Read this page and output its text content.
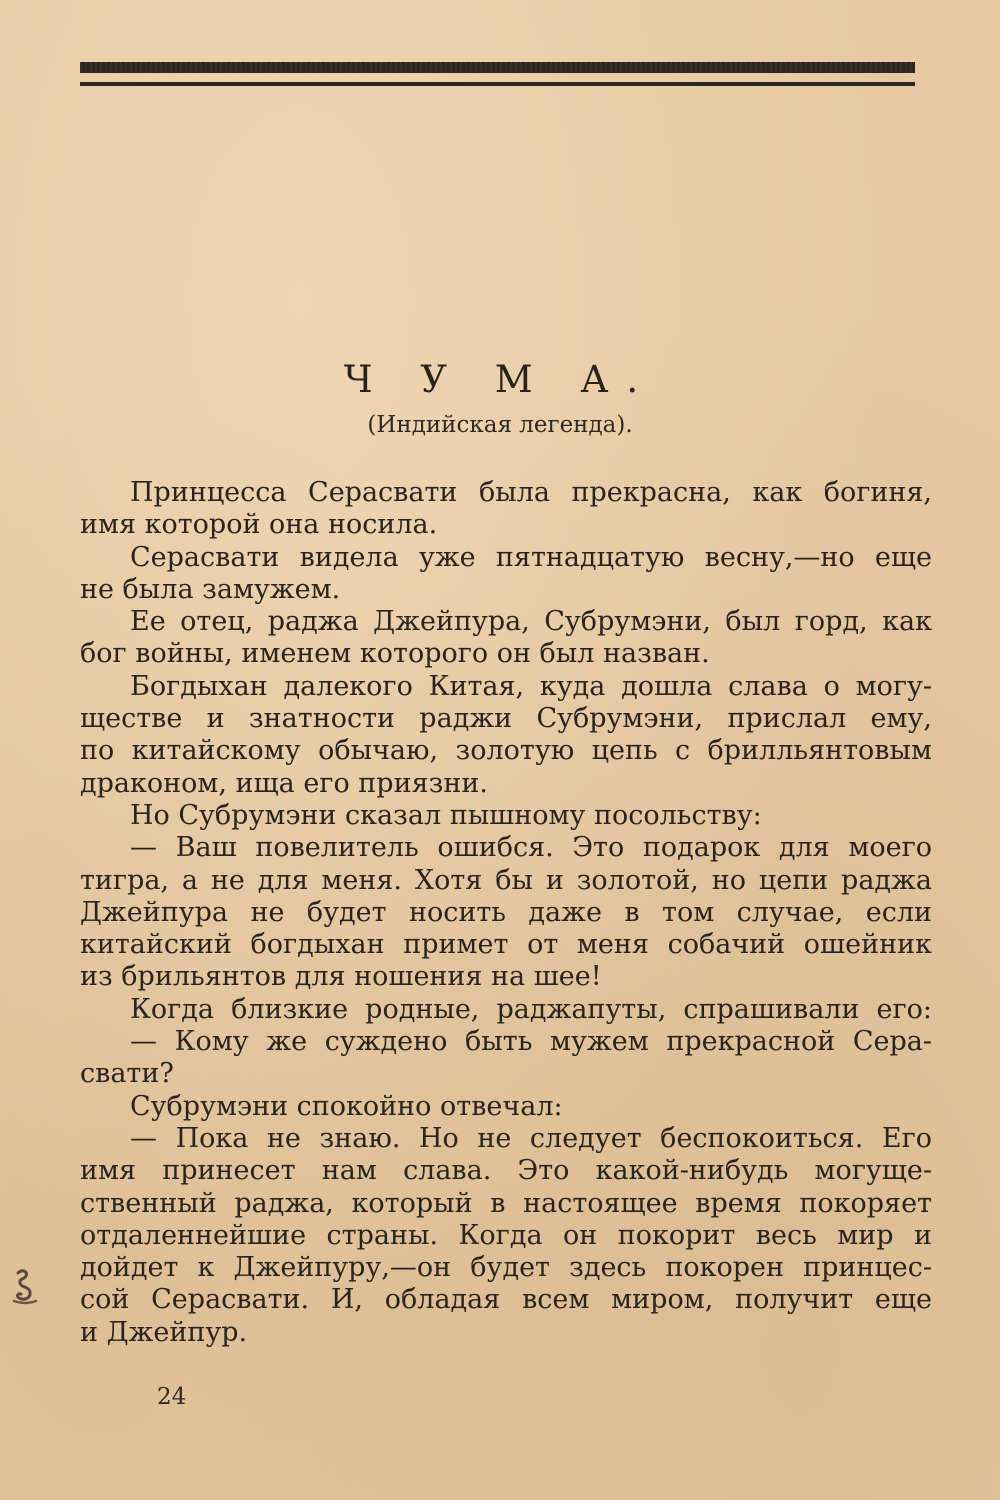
Ч У М А.
(Индийская легенда).
Принцесса Серасвати была прекрасна, как богиня,
имя которой она носила.
Серасвати видела уже пятнадцатую весну,—но еще
не была замужем.
Ее отец, раджа Джейпура, Субрумэни, был горд, как
бог войны, именем которого он был назван.
Богдыхан далекого Китая, куда дошла слава о могу-
ществе и знатности раджи Субрумэни, прислал ему,
по китайскому обычаю, золотую цепь с брилльянтовым
драконом, ища его приязни.
Но Субрумэни сказал пышному посольству:
— Ваш повелитель ошибся. Это подарок для моего
тигра, а не для меня. Хотя бы и золотой, но цепи раджа
Джейпура не будет носить даже в том случае, если
китайский богдыхан примет от меня собачий ошейник
из брильянтов для ношения на шее!
Когда близкие родные, раджапуты, спрашивали его:
— Кому же суждено быть мужем прекрасной Сера-
свати?
Субрумэни спокойно отвечал:
— Пока не знаю. Но не следует беспокоиться. Его
имя принесет нам слава. Это какой-нибудь могуще-
ственный раджа, который в настоящее время покоряет
отдаленнейшие страны. Когда он покорит весь мир и
дойдет к Джейпуру,—он будет здесь покорен принцес-
сой Серасвати. И, обладая всем миром, получит еще
и Джейпур.
24
